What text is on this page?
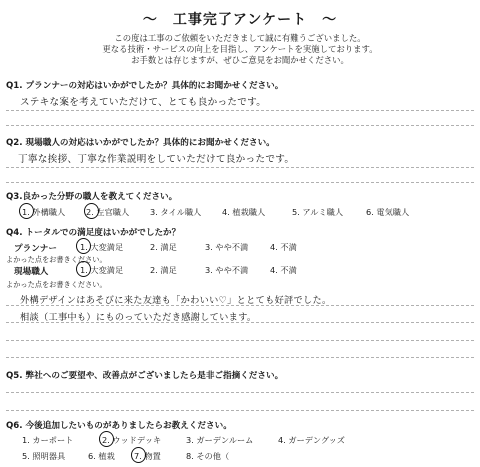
～　工事完了アンケート　～
この度は工事のご依頼をいただきまして誠に有難うございました。
更なる技術・サービスの向上を目指し、アンケートを実施しております。
お手数とは存じますが、ぜひご意見をお聞かせください。
Q1. プランナーの対応はいかがでしたか？具体的にお聞かせください。
ステキな案を考えていただけて、とても良かったです。
Q2. 現場職人の対応はいかがでしたか？具体的にお聞かせください。
丁寧な挨拶、丁寧な作業説明をしていただけて良かったです。
Q3.良かった分野の職人を教えてください。
1. 外構職人	2. 左官職人	3. タイル職人	4. 植栽職人	5. アルミ職人	6. 電気職人
Q4. トータルでの満足度はいかがでしたか？
プランナー	1. 大変満足	2. 満足	3. やや不満	4. 不満
よかった点をお書きください。
現場職人	1. 大変満足	2. 満足	3. やや不満	4. 不満
よかった点をお書きください。
外構デザインはあそびに来た友達も「かわいい♡」ととても好評でした。
相談（工事中も）にものっていただき感謝しています。
Q5. 弊社へのご要望や、改善点がございましたら是非ご指摘ください。
Q6. 今後追加したいものがありましたらお教えください。
1. カーポート	2. ウッドデッキ	3. ガーデンルーム	4. ガーデングッズ
5. 照明器具	6. 植栽 7. 物置	8. その他（
